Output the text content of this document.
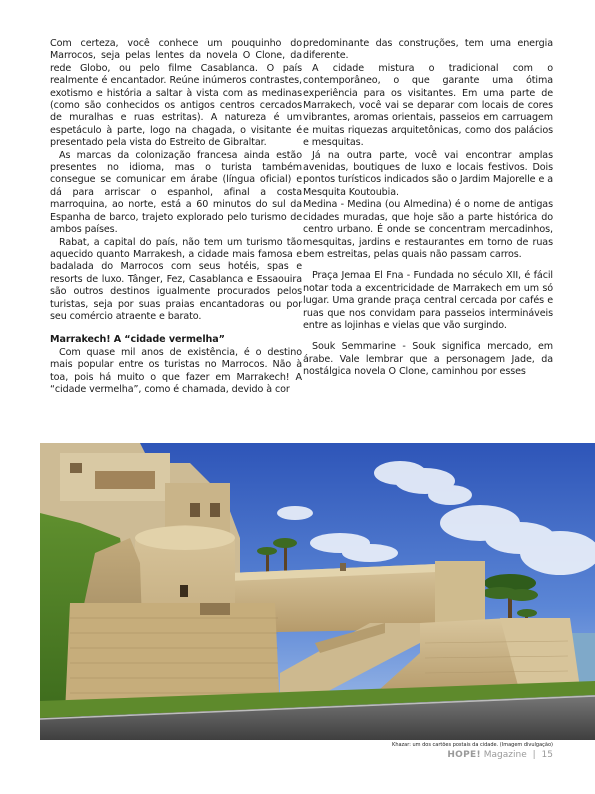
Com certeza, você conhece um pouquinho do Marrocos, seja pelas lentes da novela O Clone, da rede Globo, ou pelo filme Casablanca. O país realmente é encantador. Reúne inúmeros contrastes, exotismo e história a saltar à vista com as medinas (como são conhecidos os antigos centros cercados de muralhas e ruas estritas). A natureza é um espetáculo à parte, logo na chagada, o visitante é presentado pela vista do Estreito de Gibraltar.

As marcas da colonização francesa ainda estão presentes no idioma, mas o turista também consegue se comunicar em árabe (língua oficial) e dá para arriscar o espanhol, afinal a costa marroquina, ao norte, está a 60 minutos do sul da Espanha de barco, trajeto explorado pelo turismo de ambos países.

Rabat, a capital do país, não tem um turismo tão aquecido quanto Marrakesh, a cidade mais famosa e badalada do Marrocos com seus hotéis, spas e resorts de luxo. Tânger, Fez, Casablanca e Essaouira são outros destinos igualmente procurados pelos turistas, seja por suas praias encantadoras ou por seu comércio atraente e barato.

Marrakech! A “cidade vermelha”

Com quase mil anos de existência, é o destino mais popular entre os turistas no Marrocos. Não à toa, pois há muito o que fazer em Marrakech! A “cidade vermelha”, como é chamada, devido à cor

predominante das construções, tem uma energia diferente.

A cidade mistura o tradicional com o contemporâneo, o que garante uma ótima experiência para os visitantes. Em uma parte de Marrakech, você vai se deparar com locais de cores vibrantes, aromas orientais, passeios em carruagem e muitas riquezas arquitetônicas, como dos palácios e mesquitas.

Já na outra parte, você vai encontrar amplas avenidas, boutiques de luxo e locais festivos. Dois pontos turísticos indicados são o Jardim Majorelle e a Mesquita Koutoubia.

Medina - Medina (ou Almedina) é o nome de antigas cidades muradas, que hoje são a parte histórica do centro urbano. É onde se concentram mercadinhos, mesquitas, jardins e restaurantes em torno de ruas bem estreitas, pelas quais não passam carros.

Praça Jemaa El Fna - Fundada no século XII, é fácil notar toda a excentricidade de Marrakech em um só lugar. Uma grande praça central cercada por cafés e ruas que nos convidam para passeios intermináveis entre as lojinhas e vielas que vão surgindo.

Souk Semmarine - Souk significa mercado, em árabe. Vale lembrar que a personagem Jade, da nostálgica novela O Clone, caminhou por esses

Khazar: um dos cartões postais da cidade. (Imagem divulgação)
HOPE! Magazine | 15
